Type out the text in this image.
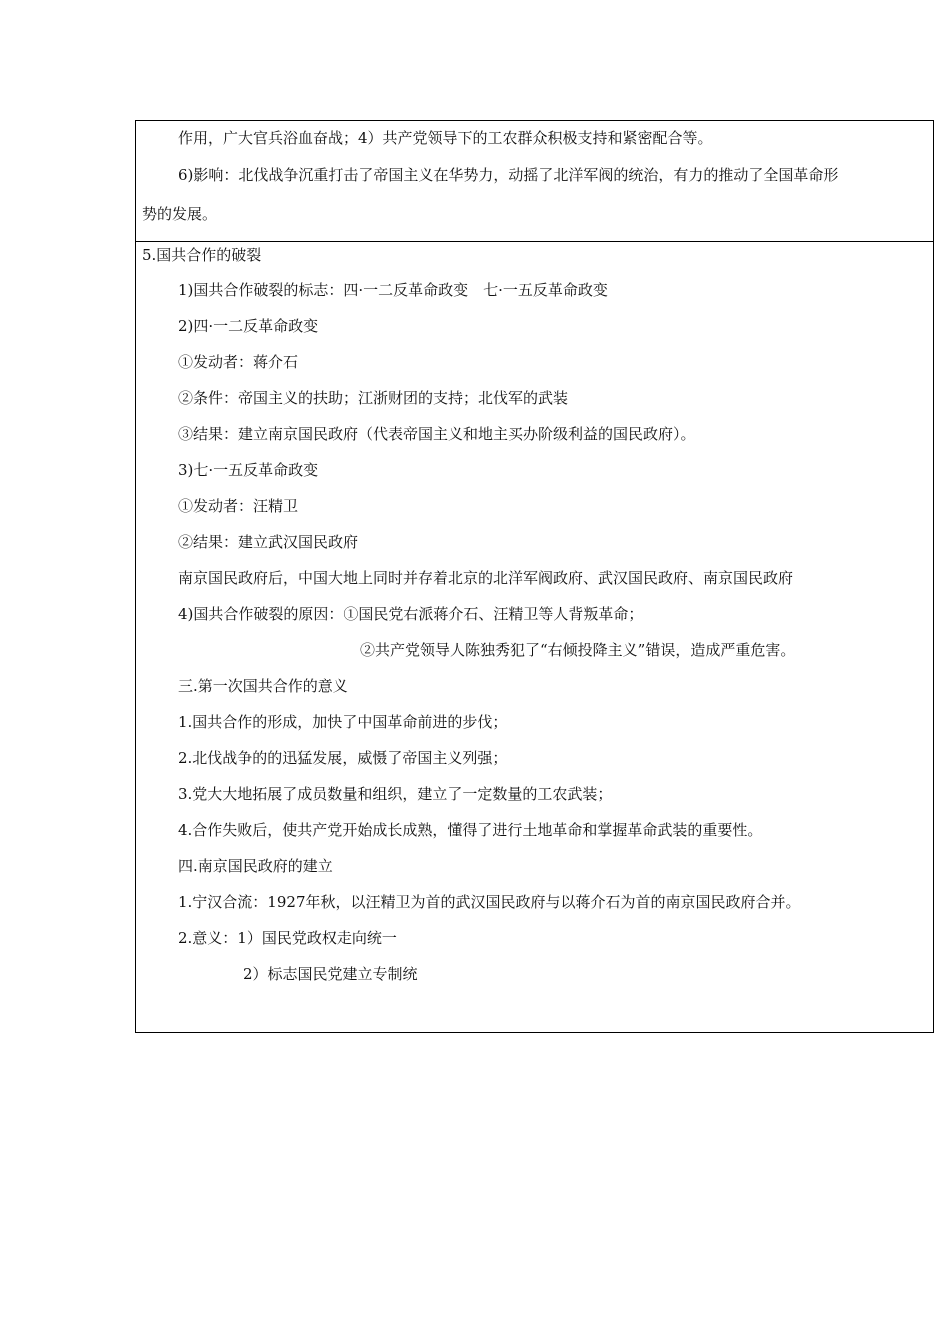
作用，广大官兵浴血奋战；4）共产党领导下的工农群众积极支持和紧密配合等。

6)影响：北伐战争沉重打击了帝国主义在华势力，动摇了北洋军阀的统治，有力的推动了全国革命形

势的发展。

5.国共合作的破裂

1)国共合作破裂的标志：四·一二反革命政变　七·一五反革命政变

2)四·一二反革命政变

①发动者：蒋介石

②条件：帝国主义的扶助；江浙财团的支持；北伐军的武装

③结果：建立南京国民政府（代表帝国主义和地主买办阶级利益的国民政府）。

3)七·一五反革命政变

①发动者：汪精卫

②结果：建立武汉国民政府

南京国民政府后，中国大地上同时并存着北京的北洋军阀政府、武汉国民政府、南京国民政府

4)国共合作破裂的原因：①国民党右派蒋介石、汪精卫等人背叛革命；

②共产党领导人陈独秀犯了“右倾投降主义”错误，造成严重危害。

三.第一次国共合作的意义

1.国共合作的形成，加快了中国革命前进的步伐；

2.北伐战争的的迅猛发展，威慑了帝国主义列强；

3.党大大地拓展了成员数量和组织，建立了一定数量的工农武装；

4.合作失败后，使共产党开始成长成熟，懂得了进行土地革命和掌握革命武装的重要性。

四.南京国民政府的建立

1.宁汉合流：1927年秋，以汪精卫为首的武汉国民政府与以蒋介石为首的南京国民政府合并。

2.意义：1）国民党政权走向统一

2）标志国民党建立专制统
